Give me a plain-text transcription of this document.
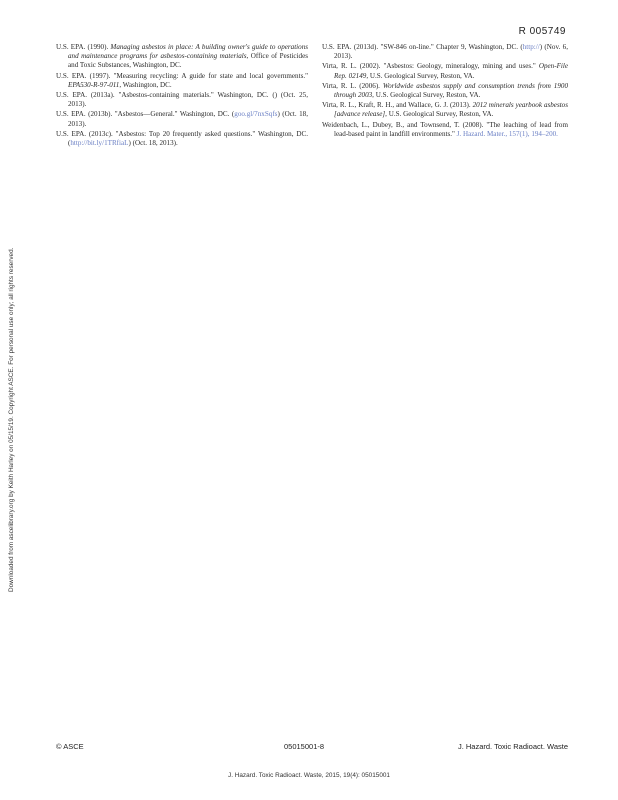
R 005749
Downloaded from ascelibrary.org by Keith Harley on 05/15/19. Copyright ASCE. For personal use only; all rights reserved.

U.S. EPA. (1990). Managing asbestos in place: A building owner's guide to operations and maintenance programs for asbestos-containing materials, Office of Pesticides and Toxic Substances, Washington, DC.

U.S. EPA. (1997). "Measuring recycling: A guide for state and local governments." EPA530-R-97-011, Washington, DC.

U.S. EPA. (2013a). "Asbestos-containing materials." Washington, DC. () (Oct. 25, 2013).

U.S. EPA. (2013b). "Asbestos—General." Washington, DC. (goo.gl/7nxSqfs) (Oct. 18, 2013).

U.S. EPA. (2013c). "Asbestos: Top 20 frequently asked questions." Washington, DC. (http://bit.ly/1TRfiaL) (Oct. 18, 2013).

U.S. EPA. (2013d). "SW-846 on-line." Chapter 9, Washington, DC. (http://) (Nov. 6, 2013).

Virta, R. L. (2002). "Asbestos: Geology, mineralogy, mining and uses." Open-File Rep. 02149, U.S. Geological Survey, Reston, VA.

Virta, R. L. (2006). Worldwide asbestos supply and consumption trends from 1900 through 2003, U.S. Geological Survey, Reston, VA.

Virta, R. L., Kraft, R. H., and Wallace, G. J. (2013). 2012 minerals yearbook asbestos [advance release], U.S. Geological Survey, Reston, VA.

Weidenbach, L., Dubey, B., and Townsend, T. (2008). "The leaching of lead from lead-based paint in landfill environments." J. Hazard. Mater., 157(1), 194–200.

© ASCE	05015001-8	J. Hazard. Toxic Radioact. Waste
J. Hazard. Toxic Radioact. Waste, 2015, 19(4): 05015001
